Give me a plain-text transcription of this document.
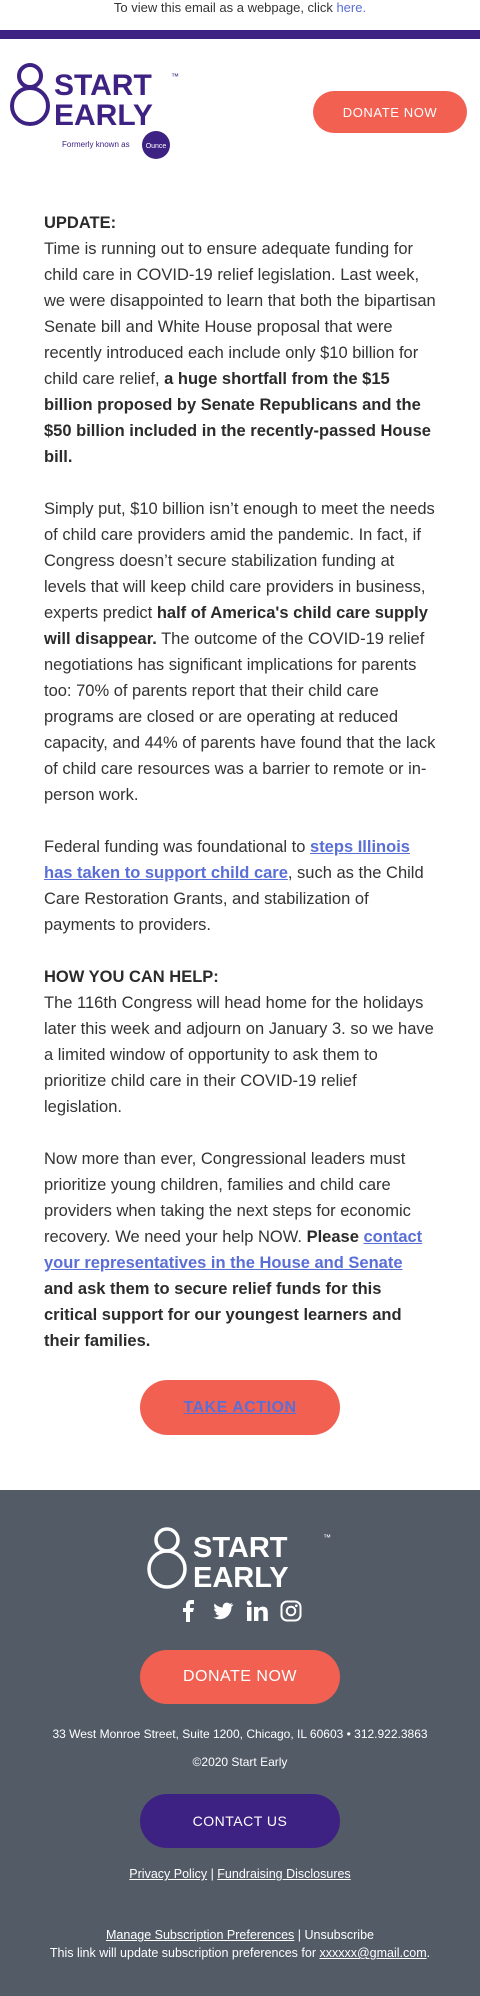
To view this email as a webpage, click here.
START
EARLY
™
Formerly known as Ounce
DONATE NOW

UPDATE:
Time is running out to ensure adequate funding for child care in COVID-19 relief legislation. Last week, we were disappointed to learn that both the bipartisan Senate bill and White House proposal that were recently introduced each include only $10 billion for child care relief, a huge shortfall from the $15 billion proposed by Senate Republicans and the $50 billion included in the recently-passed House bill.

Simply put, $10 billion isn’t enough to meet the needs of child care providers amid the pandemic. In fact, if Congress doesn’t secure stabilization funding at levels that will keep child care providers in business, experts predict half of America's child care supply will disappear. The outcome of the COVID-19 relief negotiations has significant implications for parents too: 70% of parents report that their child care programs are closed or are operating at reduced capacity, and 44% of parents have found that the lack of child care resources was a barrier to remote or in-person work.

Federal funding was foundational to steps Illinois has taken to support child care, such as the Child Care Restoration Grants, and stabilization of payments to providers.

HOW YOU CAN HELP:
The 116th Congress will head home for the holidays later this week and adjourn on January 3. so we have a limited window of opportunity to ask them to prioritize child care in their COVID-19 relief legislation.

Now more than ever, Congressional leaders must prioritize young children, families and child care providers when taking the next steps for economic recovery. We need your help NOW. Please contact your representatives in the House and Senate and ask them to secure relief funds for this critical support for our youngest learners and their families.

TAKE ACTION
START
EARLY
™
DONATE NOW
33 West Monroe Street, Suite 1200, Chicago, IL 60603 • 312.922.3863
©2020 Start Early
CONTACT US
Privacy Policy | Fundraising Disclosures
Manage Subscription Preferences | Unsubscribe
This link will update subscription preferences for xxxxxx@gmail.com.
